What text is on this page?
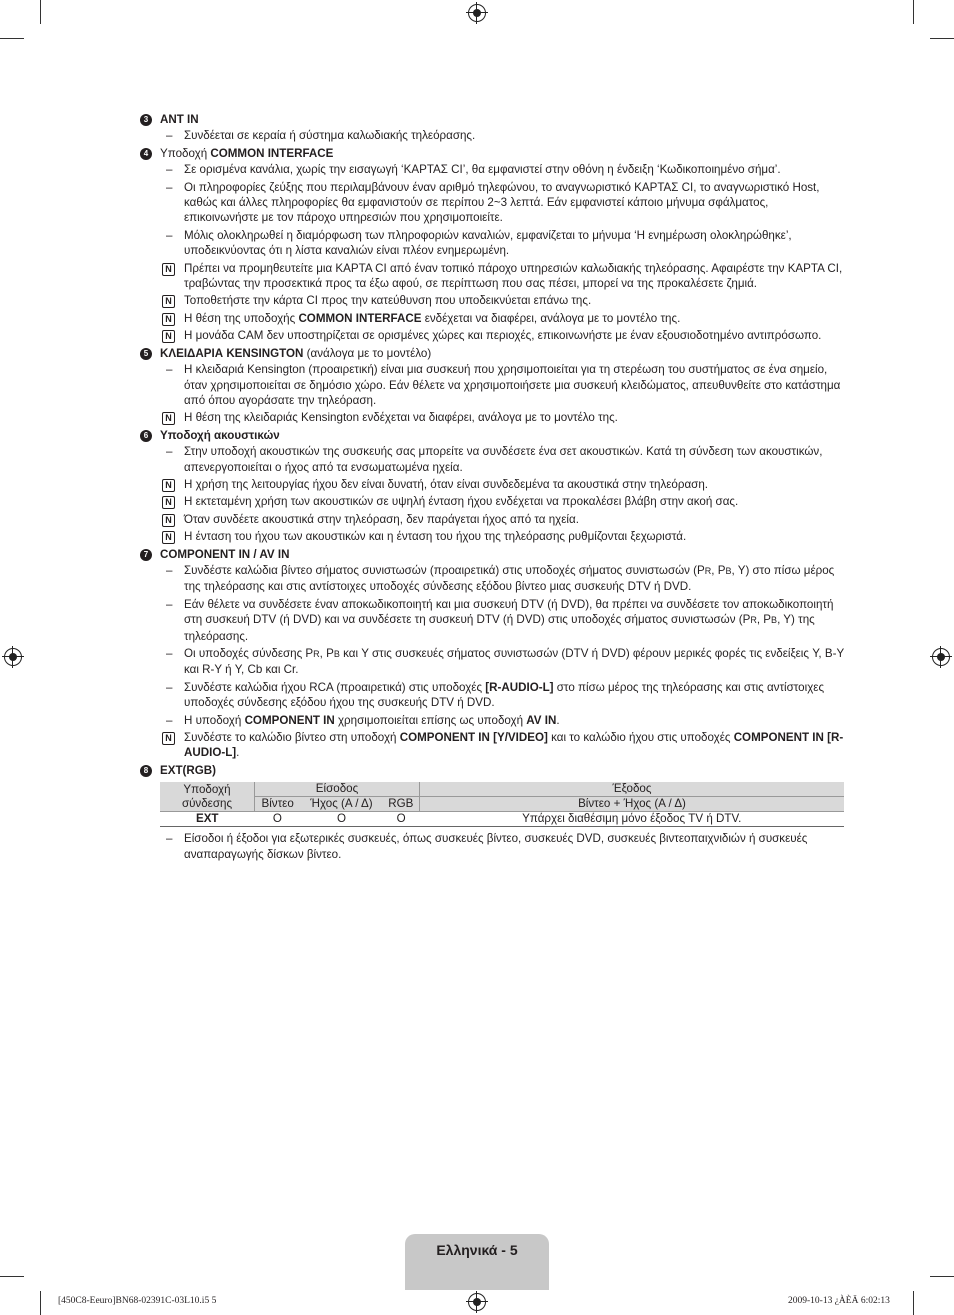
3	ANT IN
– Συνδέεται σε κεραία ή σύστημα καλωδιακής τηλεόρασης.
4	Υποδοχή COMMON INTERFACE
– Σε ορισμένα κανάλια, χωρίς την εισαγωγή ‘ΚΑΡΤΑΣ CI’, θα εμφανιστεί στην οθόνη η ένδειξη ‘Κωδικοποιημένο σήμα’.
– Οι πληροφορίες ζεύξης που περιλαμβάνουν έναν αριθμό τηλεφώνου, το αναγνωριστικό ΚΑΡΤΑΣ CI, το αναγνωριστικό Host, καθώς και άλλες πληροφορίες θα εμφανιστούν σε περίπου 2~3 λεπτά. Εάν εμφανιστεί κάποιο μήνυμα σφάλματος, επικοινωνήστε με τον πάροχο υπηρεσιών που χρησιμοποιείτε.
– Μόλις ολοκληρωθεί η διαμόρφωση των πληροφοριών καναλιών, εμφανίζεται το μήνυμα ‘Η ενημέρωση ολοκληρώθηκε’, υποδεικνύοντας ότι η λίστα καναλιών είναι πλέον ενημερωμένη.
N Πρέπει να προμηθευτείτε μια ΚΑΡΤΑ CI από έναν τοπικό πάροχο υπηρεσιών καλωδιακής τηλεόρασης. Αφαιρέστε την ΚΑΡΤΑ CI, τραβώντας την προσεκτικά προς τα έξω αφού, σε περίπτωση που σας πέσει, μπορεί να της προκαλέσετε ζημιά.
N Τοποθετήστε την κάρτα CI προς την κατεύθυνση που υποδεικνύεται επάνω της.
N Η θέση της υποδοχής COMMON INTERFACE ενδέχεται να διαφέρει, ανάλογα με το μοντέλο της.
N Η μονάδα CAM δεν υποστηρίζεται σε ορισμένες χώρες και περιοχές, επικοινωνήστε με έναν εξουσιοδοτημένο αντιπρόσωπο.
5	ΚΛΕΙΔΑΡΙΑ KENSINGTON (ανάλογα με το μοντέλο)
– Η κλειδαριά Kensington (προαιρετική) είναι μια συσκευή που χρησιμοποιείται για τη στερέωση του συστήματος σε ένα σημείο, όταν χρησιμοποιείται σε δημόσιο χώρο. Εάν θέλετε να χρησιμοποιήσετε μια συσκευή κλειδώματος, απευθυνθείτε στο κατάστημα από όπου αγοράσατε την τηλεόραση.
N Η θέση της κλειδαριάς Kensington ενδέχεται να διαφέρει, ανάλογα με το μοντέλο της.
6	Υποδοχή ακουστικών
– Στην υποδοχή ακουστικών της συσκευής σας μπορείτε να συνδέσετε ένα σετ ακουστικών. Κατά τη σύνδεση των ακουστικών, απενεργοποιείται ο ήχος από τα ενσωματωμένα ηχεία.
N Η χρήση της λειτουργίας ήχου δεν είναι δυνατή, όταν είναι συνδεδεμένα τα ακουστικά στην τηλεόραση.
N Η εκτεταμένη χρήση των ακουστικών σε υψηλή ένταση ήχου ενδέχεται να προκαλέσει βλάβη στην ακοή σας.
N Όταν συνδέετε ακουστικά στην τηλεόραση, δεν παράγεται ήχος από τα ηχεία.
N Η ένταση του ήχου των ακουστικών και η ένταση του ήχου της τηλεόρασης ρυθμίζονται ξεχωριστά.
7	COMPONENT IN / AV IN
– Συνδέστε καλώδια βίντεο σήματος συνιστωσών (προαιρετικά) στις υποδοχές σήματος συνιστωσών (PR, PB, Y) στο πίσω μέρος της τηλεόρασης και στις αντίστοιχες υποδοχές σύνδεσης εξόδου βίντεο μιας συσκευής DTV ή DVD.
– Εάν θέλετε να συνδέσετε έναν αποκωδικοποιητή και μια συσκευή DTV (ή DVD), θα πρέπει να συνδέσετε τον αποκωδικοποιητή στη συσκευή DTV (ή DVD) και να συνδέσετε τη συσκευή DTV (ή DVD) στις υποδοχές σήματος συνιστωσών (PR, PB, Y) της τηλεόρασης.
– Οι υποδοχές σύνδεσης PR, PB και Y στις συσκευές σήματος συνιστωσών (DTV ή DVD) φέρουν μερικές φορές τις ενδείξεις Y, B-Y και R-Y ή Y, Cb και Cr.
– Συνδέστε καλώδια ήχου RCA (προαιρετικά) στις υποδοχές [R-AUDIO-L] στο πίσω μέρος της τηλεόρασης και στις αντίστοιχες υποδοχές σύνδεσης εξόδου ήχου της συσκευής DTV ή DVD.
– Η υποδοχή COMPONENT IN χρησιμοποιείται επίσης ως υποδοχή AV IN.
N Συνδέστε το καλώδιο βίντεο στη υποδοχή COMPONENT IN [Y/VIDEO] και το καλώδιο ήχου στις υποδοχές COMPONENT IN [R-AUDIO-L].
8	EXT(RGB)
Υποδοχή σύνδεσης	Είσοδος			Έξοδος
	Βίντεο	Ήχος (Α / Δ)	RGB	Βίντεο + Ήχος (Α / Δ)
EXT	O	O	O	Υπάρχει διαθέσιμη μόνο έξοδος TV ή DTV.
– Είσοδοι ή έξοδοι για εξωτερικές συσκευές, όπως συσκευές βίντεο, συσκευές DVD, συσκευές βιντεοπαιχνιδιών ή συσκευές αναπαραγωγής δίσκων βίντεο.
Ελληνικά - 5
[450C8-Eeuro]BN68-02391C-03L10.i5 5	2009-10-13 ¿ÀÈÄ 6:02:13
